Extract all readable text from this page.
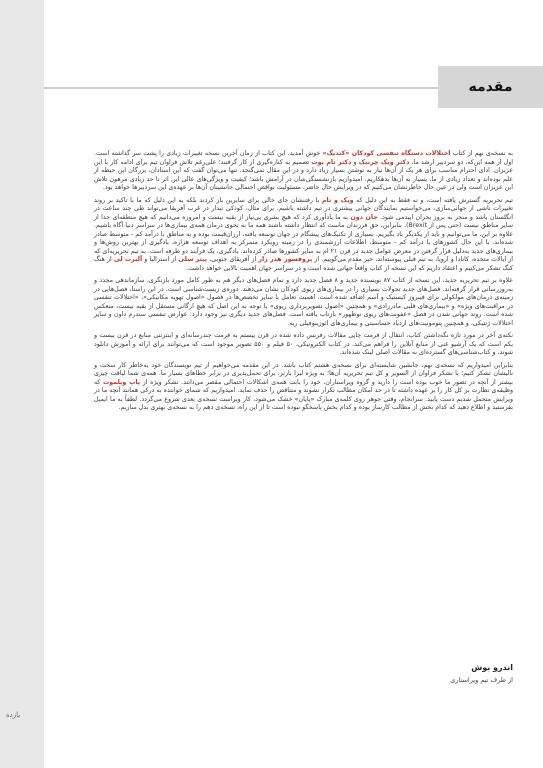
یازده
مقدمه

به نسخه‌ی نهم از کتاب اختلالات دستگاه تنفسی کودکان «کندیگ» خوش آمدید. این کتاب از زمان آخرین نسخه تغییرات زیادی را پشت سر گذاشته است. اول از همه این‌که، دو سردبیر ارشد ما، دکتر ویک چرنیک و دکتر تام بوت تصمیم به کناره‌گیری از کار گرفتند؛ علی‌رغم تلاش فراوان تیم برای ادامه کار با این عزیزان. ادای احترام مناسب برای هر یک از آن‌ها نیاز به نوشتن بسیار زیاد دارد و در این مقال نمی‌گنجد. تنها می‌توان گفت که این استادان، بزرگان این حیطه از علم بوده‌اند و تعداد زیادی از ما، بسیار به آن‌ها بدهکاریم. امیدواریم بازنشستگی‌شان در آرامش باشد؛ کیفیت و ویژگی‌های عالی این اثر تا حد زیادی مرهون تلاش این عزیزان است ولی در عین حال خاطرنشان می‌کنیم که در ویرایش حال حاضر، مسئولیت نواقص احتمالی جانشینان آن‌ها بر عهده‌ی این سردبیرها خواهد بود.

تیم تحریریه گسترش یافته است، و نه فقط به این دلیل که ویک و تام با رفتنشان جای خالی برای سایرین باز کردند بلکه به این دلیل که ما با تاکید بر روند تغییرات ناشی از جهانی‌سازی، می‌خواستیم نمایندگان جهانی بیشتری در تیم داشته باشیم. برای مثال، کودکی تبدار در غرب آفریقا می‌تواند طی چند ساعت در انگلستان باشد و منجر به بروز بحران اپیدمی شود. جان دون به ما یادآوری کرد که هیچ بشری بی‌نیاز از بقیه نیست و امروزه می‌دانیم که هیچ منطقه‌ای جدا از سایر مناطق نیست (حتی پس از Brexit). بنابراین، حق فرزندان ماست که انتظار داشته باشند همه ما به نحوی درمان همه‌ی بیماری‌ها در سراسر دنیا آگاه باشیم. علاوه بر این، ما می‌توانیم و باید از یکدیگر یاد بگیریم. بسیاری از تکنیک‌های پیشگام در جهان توسعه یافته، ارزان‌قیمت بوده و به مناطق با درآمد کم - متوسط صادر شده‌اند. با این حال کشورهای با درآمد کم - متوسط، اطلاعات ارزشمندی را در زمینه رویکرد متمرکز به اهداف توسعه هزاره، یادگیری از بهترین روش‌ها و بیماری‌های جدید به‌دلیل قرار گرفتن در معرض عوامل جدید در قرن ۲۱ ام به سایر کشورها صادر کرده‌اند. یادگیری، یک فرآیند دو طرفه است. به تیم تحریریه‌ای که از ایالات متحده، کانادا و اروپا، به تیم قبلی پیوسته‌اند، خیر مقدم می‌گوییم. از پروفسور هدر زار از آفریقای جنوبی، پیتر سلی از استرالیا و آلبرت لی از هنگ کنگ تشکر می‌کنیم و اعتقاد داریم که این نسخه از کتاب واقعاً جهانی شده است و در سراسر جهان اهمیت بالایی خواهد داشت.

علاوه بر تیم تحریریه جدید، این نسخه از کتاب ۸۷ نویسنده جدید و ۸ فصل جدید دارد و تمام فصل‌های دیگر هم به طور کامل مورد بازنگری، سازماندهی مجدد و به‌روزرسانی قرار گرفته‌اند. فصل‌های جدید تحولات بسیاری را در بیماری‌های ریوی کودکان نشان می‌دهند. دوره‌ی زیست‌شناسی است. در این راستا، فصل‌هایی در زمینه‌ی درمان‌های مولکولی برای فیبروز کیستیک و آسم اضافه شده است. اهمیت تعامل با سایر تخصص‌ها در فصول «اصول تهویه مکانیکی»، «اختلالات تنفسی در مراقبت‌های ویژه» و «بیماری‌های قلبی مادرزادی» و همچنین «اصول تصویربرداری ریوی» با توجه به این اصل که هیچ ارگانی مستقل از بقیه نیست، منعکس شده است. روند جهانی شدن در فصل «عفونت‌های ریوی نوظهور» بازتاب یافته است. فصل‌های جدید دیگری نیز وجود دارد: عوارض تنفسی سندرم داون و سایر اختلالات ژنتیکی، و همچنین پنومونیت‌های ازدیاد حساسیتی و بیماری‌های ائوزینوفیلی ریه.

نکته‌ی آخر در مورد تازه نگه‌داشتن کتاب، انتقال از فرمت چاپی مقالات رفرنس داده شده در قرن بیستم به فرمت چندرسانه‌ای و اینترنتی منابع در قرن بیست و یکم است که یک آرشیو غنی از منابع آنلاین را فراهم می‌کند. در کتاب الکترونیکی، ۵۰ فیلم و ۵۵۰ تصویر موجود است که می‌توانند برای ارائه و آموزش دانلود شوند، و کتاب‌شناسی‌های گسترده‌ای به مقالات اصلی لینک شده‌اند.

بنابراین امیدواریم که نسخه‌ی نهم، جانشین شایسته‌ای برای نسخه‌ی هشتم کتاب باشد. در این مقدمه می‌خواهیم از تیم نویسندگان خود به‌خاطر کار سخت و نالیشان تشکر کنیم؛ با تشکر فراوان از السویر و کل تیم تحریریه آن‌ها؛ به ویژه لیزا بارنز، برای تحمل‌پذیری در برابر خطاهای بسیار ما. همه‌ی شما لیاقت چیزی بیشتر از آنچه در تصور ما خوب بوده است را دارید و گروه ویراستاران، خود را بابت همه‌ی اشکالات احتمالی مقصر می‌دانند. تشکر ویژه از پاپ ویلموت که وظیفه‌ی نظارت بر کل کار را بر عهده داشته تا در حد امکان مطالب تکرار نشوند و متناقض را حذف نماید. امیدواریم که شمای خواننده به درکی همانند آنچه ما در ویرایش متحمل شدیم دست یابید. سرانجام، وقتی جوهر روی کلمه‌ی مبارک «پایان» خشک می‌شود، کار ویراست نسخه‌ی بعدی شروع می‌گردد. لطفاً به ما ایمیل بفرستید و اطلاع دهید که کدام بخش از مطالب کارساز بوده و کدام بخش پاسخگو نبوده است تا از این راه، نسخه‌ی دهم را به نسخه‌ی بهتری بدل سازیم.

اندرو بوش
از طرف تیم ویراستاری
